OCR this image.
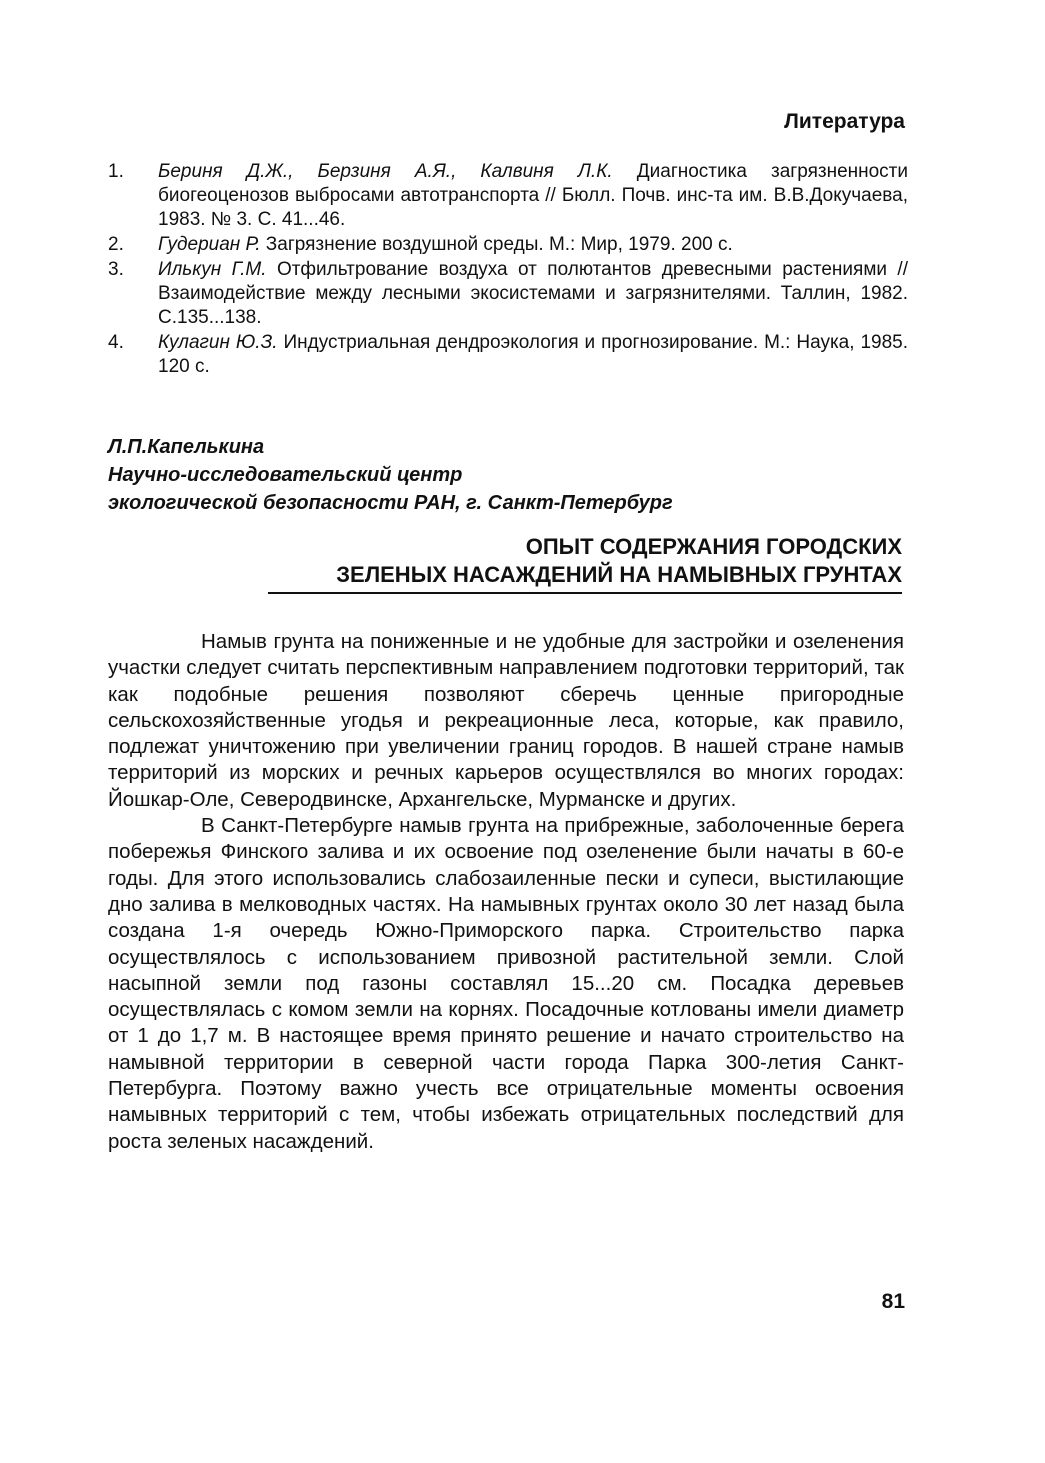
Литература
1. Бериня Д.Ж., Берзиня А.Я., Калвиня Л.К. Диагностика загрязненности биогеоценозов выбросами автотранспорта // Бюлл. Почв. инс-та им. В.В.Докучаева, 1983. № 3. С. 41...46.
2. Гудериан Р. Загрязнение воздушной среды. М.: Мир, 1979. 200 с.
3. Илькун Г.М. Отфильтрование воздуха от полютантов древесными растениями // Взаимодействие между лесными экосистемами и загрязнителями. Таллин, 1982. С.135...138.
4. Кулагин Ю.З. Индустриальная дендроэкология и прогнозирование. М.: Наука, 1985. 120 с.
Л.П.Капелькина
Научно-исследовательский центр
экологической безопасности РАН, г. Санкт-Петербург
ОПЫТ СОДЕРЖАНИЯ ГОРОДСКИХ
ЗЕЛЕНЫХ НАСАЖДЕНИЙ НА НАМЫВНЫХ ГРУНТАХ

Намыв грунта на пониженные и не удобные для застройки и озеленения участки следует считать перспективным направлением подготовки территорий, так как подобные решения позволяют сберечь ценные пригородные сельскохозяйственные угодья и рекреационные леса, которые, как правило, подлежат уничтожению при увеличении границ городов. В нашей стране намыв территорий из морских и речных карьеров осуществлялся во многих городах: Йошкар-Оле, Северодвинске, Архангельске, Мурманске и других.

В Санкт-Петербурге намыв грунта на прибрежные, заболоченные берега побережья Финского залива и их освоение под озеленение были начаты в 60-е годы. Для этого использовались слабозаиленные пески и супеси, выстилающие дно залива в мелководных частях. На намывных грунтах около 30 лет назад была создана 1-я очередь Южно-Приморского парка. Строительство парка осуществлялось с использованием привозной растительной земли. Слой насыпной земли под газоны составлял 15...20 см. Посадка деревьев осуществлялась с комом земли на корнях. Посадочные котлованы имели диаметр от 1 до 1,7 м. В настоящее время принято решение и начато строительство на намывной территории в северной части города Парка 300-летия Санкт-Петербурга. Поэтому важно учесть все отрицательные моменты освоения намывных территорий с тем, чтобы избежать отрицательных последствий для роста зеленых насаждений.

81
